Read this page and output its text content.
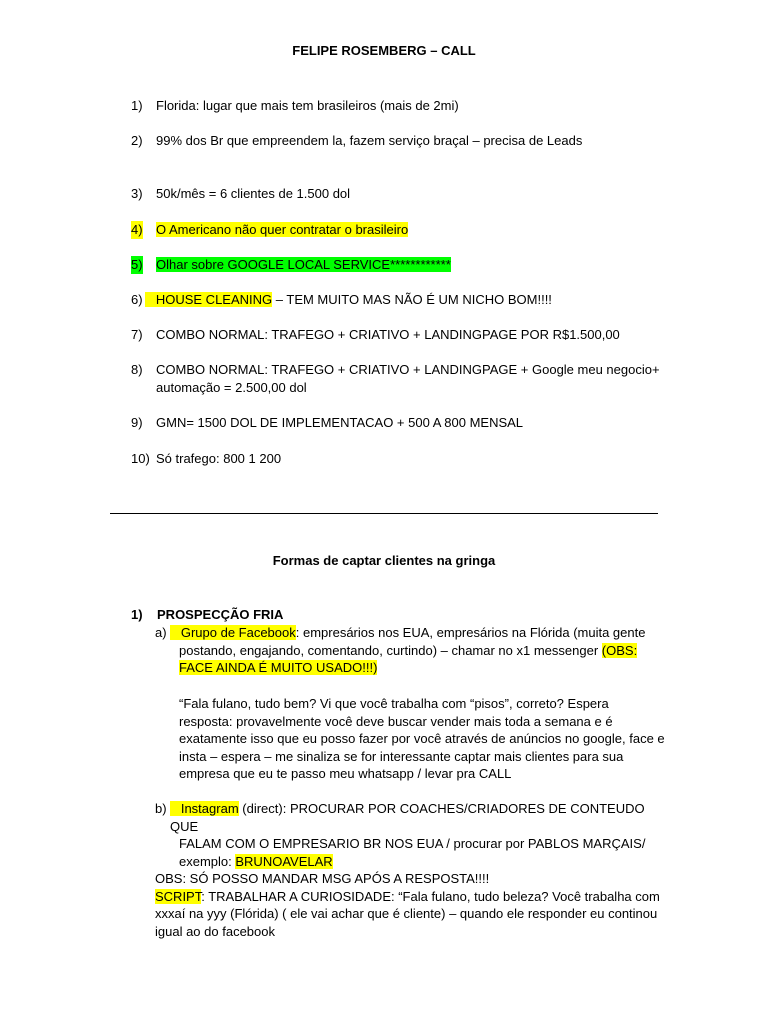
FELIPE ROSEMBERG – CALL
1) Florida: lugar que mais tem brasileiros (mais de 2mi)
2) 99% dos Br que empreendem la, fazem serviço braçal – precisa de Leads
3) 50k/mês = 6 clientes de 1.500 dol
4) O Americano não quer contratar o brasileiro
5) Olhar sobre GOOGLE LOCAL SERVICE************
6)	HOUSE CLEANING – TEM MUITO MAS NÃO É UM NICHO BOM!!!!
7) COMBO NORMAL: TRAFEGO + CRIATIVO + LANDINGPAGE POR R$1.500,00
8) COMBO NORMAL: TRAFEGO + CRIATIVO + LANDINGPAGE + Google meu negocio+
automação = 2.500,00 dol
9) GMN= 1500 DOL DE IMPLEMENTACAO + 500 A 800 MENSAL
10) Só trafego: 800 1 200
Formas de captar clientes na gringa
1) PROSPECÇÃO FRIA
a)	Grupo de Facebook: empresários nos EUA, empresários na Flórida (muita gente
postando, engajando, comentando, curtindo) – chamar no x1 messenger (OBS:
FACE AINDA É MUITO USADO!!!)
“Fala fulano, tudo bem? Vi que você trabalha com “pisos”, correto? Espera
resposta: provavelmente você deve buscar vender mais toda a semana e é
exatamente isso que eu posso fazer por você através de anúncios no google, face e
insta – espera – me sinaliza se for interessante captar mais clientes para sua
empresa que eu te passo meu whatsapp / levar pra CALL
b)	Instagram (direct): PROCURAR POR COACHES/CRIADORES DE CONTEUDO QUE
FALAM COM O EMPRESARIO BR NOS EUA / procurar por PABLOS MARÇAIS/
exemplo: BRUNOAVELAR
OBS: SÓ POSSO MANDAR MSG APÓS A RESPOSTA!!!!
SCRIPT: TRABALHAR A CURIOSIDADE: “Fala fulano, tudo beleza? Você trabalha com
xxxaí na yyy (Flórida) ( ele vai achar que é cliente) – quando ele responder eu continou
igual ao do facebook
